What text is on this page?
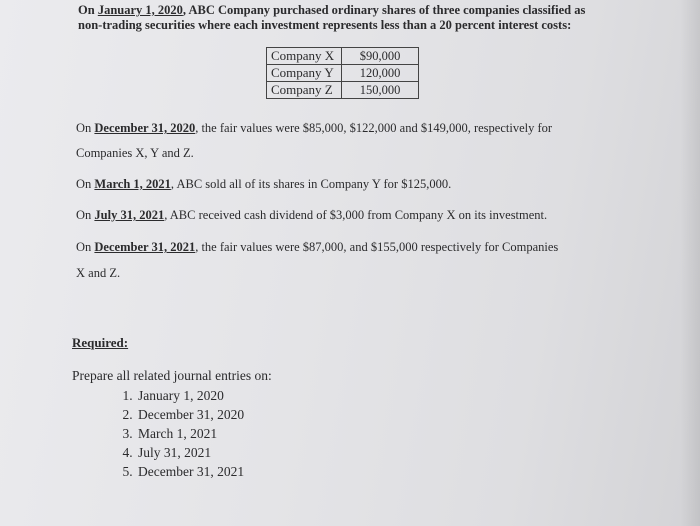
On January 1, 2020, ABC Company purchased ordinary shares of three companies classified as
non-trading securities where each investment represents less than a 20 percent interest costs:
Company X	$90,000
Company Y	120,000
Company Z	150,000
On December 31, 2020, the fair values were $85,000, $122,000 and $149,000, respectively for
Companies X, Y and Z.
On March 1, 2021, ABC sold all of its shares in Company Y for $125,000.
On July 31, 2021, ABC received cash dividend of $3,000 from Company X on its investment.
On December 31, 2021, the fair values were $87,000, and $155,000 respectively for Companies
X and Z.
Required:
Prepare all related journal entries on:
1. January 1, 2020
2. December 31, 2020
3. March 1, 2021
4. July 31, 2021
5. December 31, 2021
